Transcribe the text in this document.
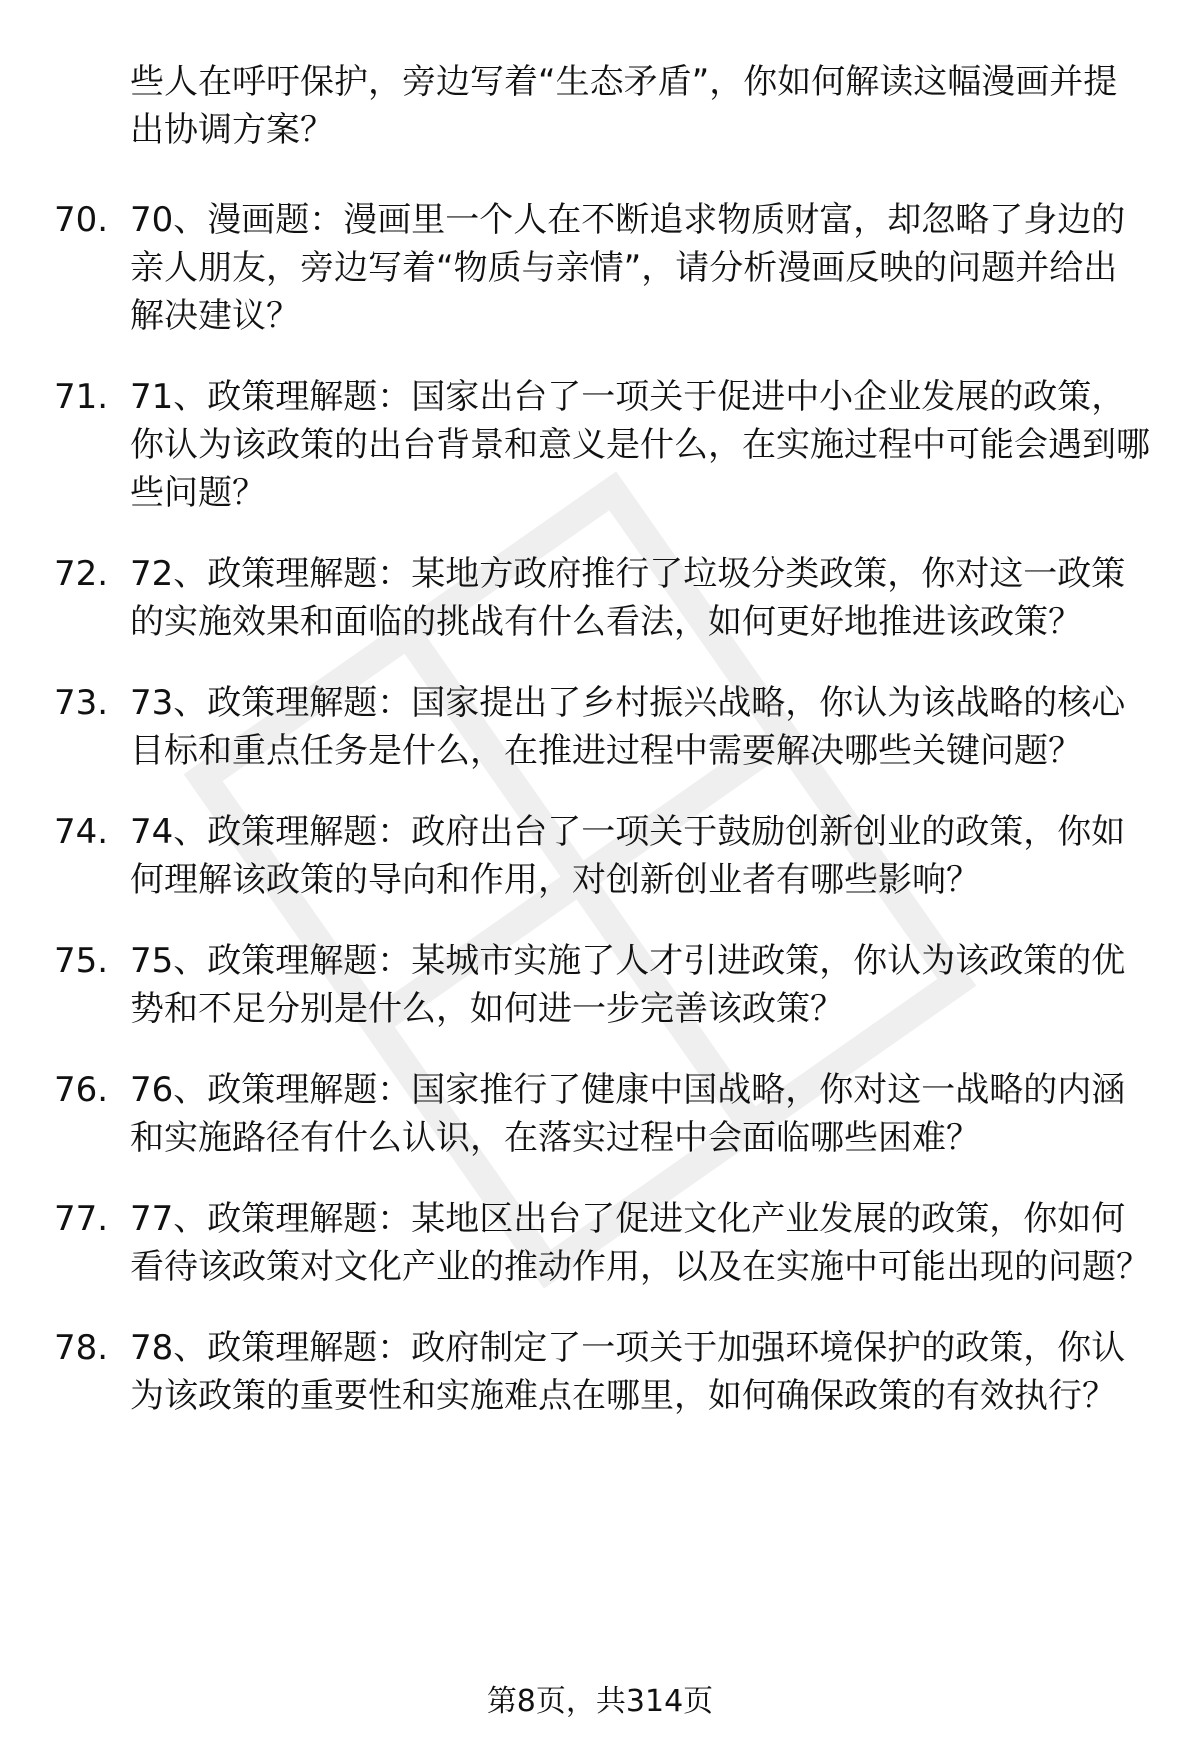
些人在呼吁保护，旁边写着“生态矛盾”，你如何解读这幅漫画并提出协调方案？
70. 70、漫画题：漫画里一个人在不断追求物质财富，却忽略了身边的亲人朋友，旁边写着“物质与亲情”，请分析漫画反映的问题并给出解决建议？
71. 71、政策理解题：国家出台了一项关于促进中小企业发展的政策，你认为该政策的出台背景和意义是什么，在实施过程中可能会遇到哪些问题？
72. 72、政策理解题：某地方政府推行了垃圾分类政策，你对这一政策的实施效果和面临的挑战有什么看法，如何更好地推进该政策？
73. 73、政策理解题：国家提出了乡村振兴战略，你认为该战略的核心目标和重点任务是什么，在推进过程中需要解决哪些关键问题？
74. 74、政策理解题：政府出台了一项关于鼓励创新创业的政策，你如何理解该政策的导向和作用，对创新创业者有哪些影响？
75. 75、政策理解题：某城市实施了人才引进政策，你认为该政策的优势和不足分别是什么，如何进一步完善该政策？
76. 76、政策理解题：国家推行了健康中国战略，你对这一战略的内涵和实施路径有什么认识，在落实过程中会面临哪些困难？
77. 77、政策理解题：某地区出台了促进文化产业发展的政策，你如何看待该政策对文化产业的推动作用，以及在实施中可能出现的问题？
78. 78、政策理解题：政府制定了一项关于加强环境保护的政策，你认为该政策的重要性和实施难点在哪里，如何确保政策的有效执行？
第8页，共314页
